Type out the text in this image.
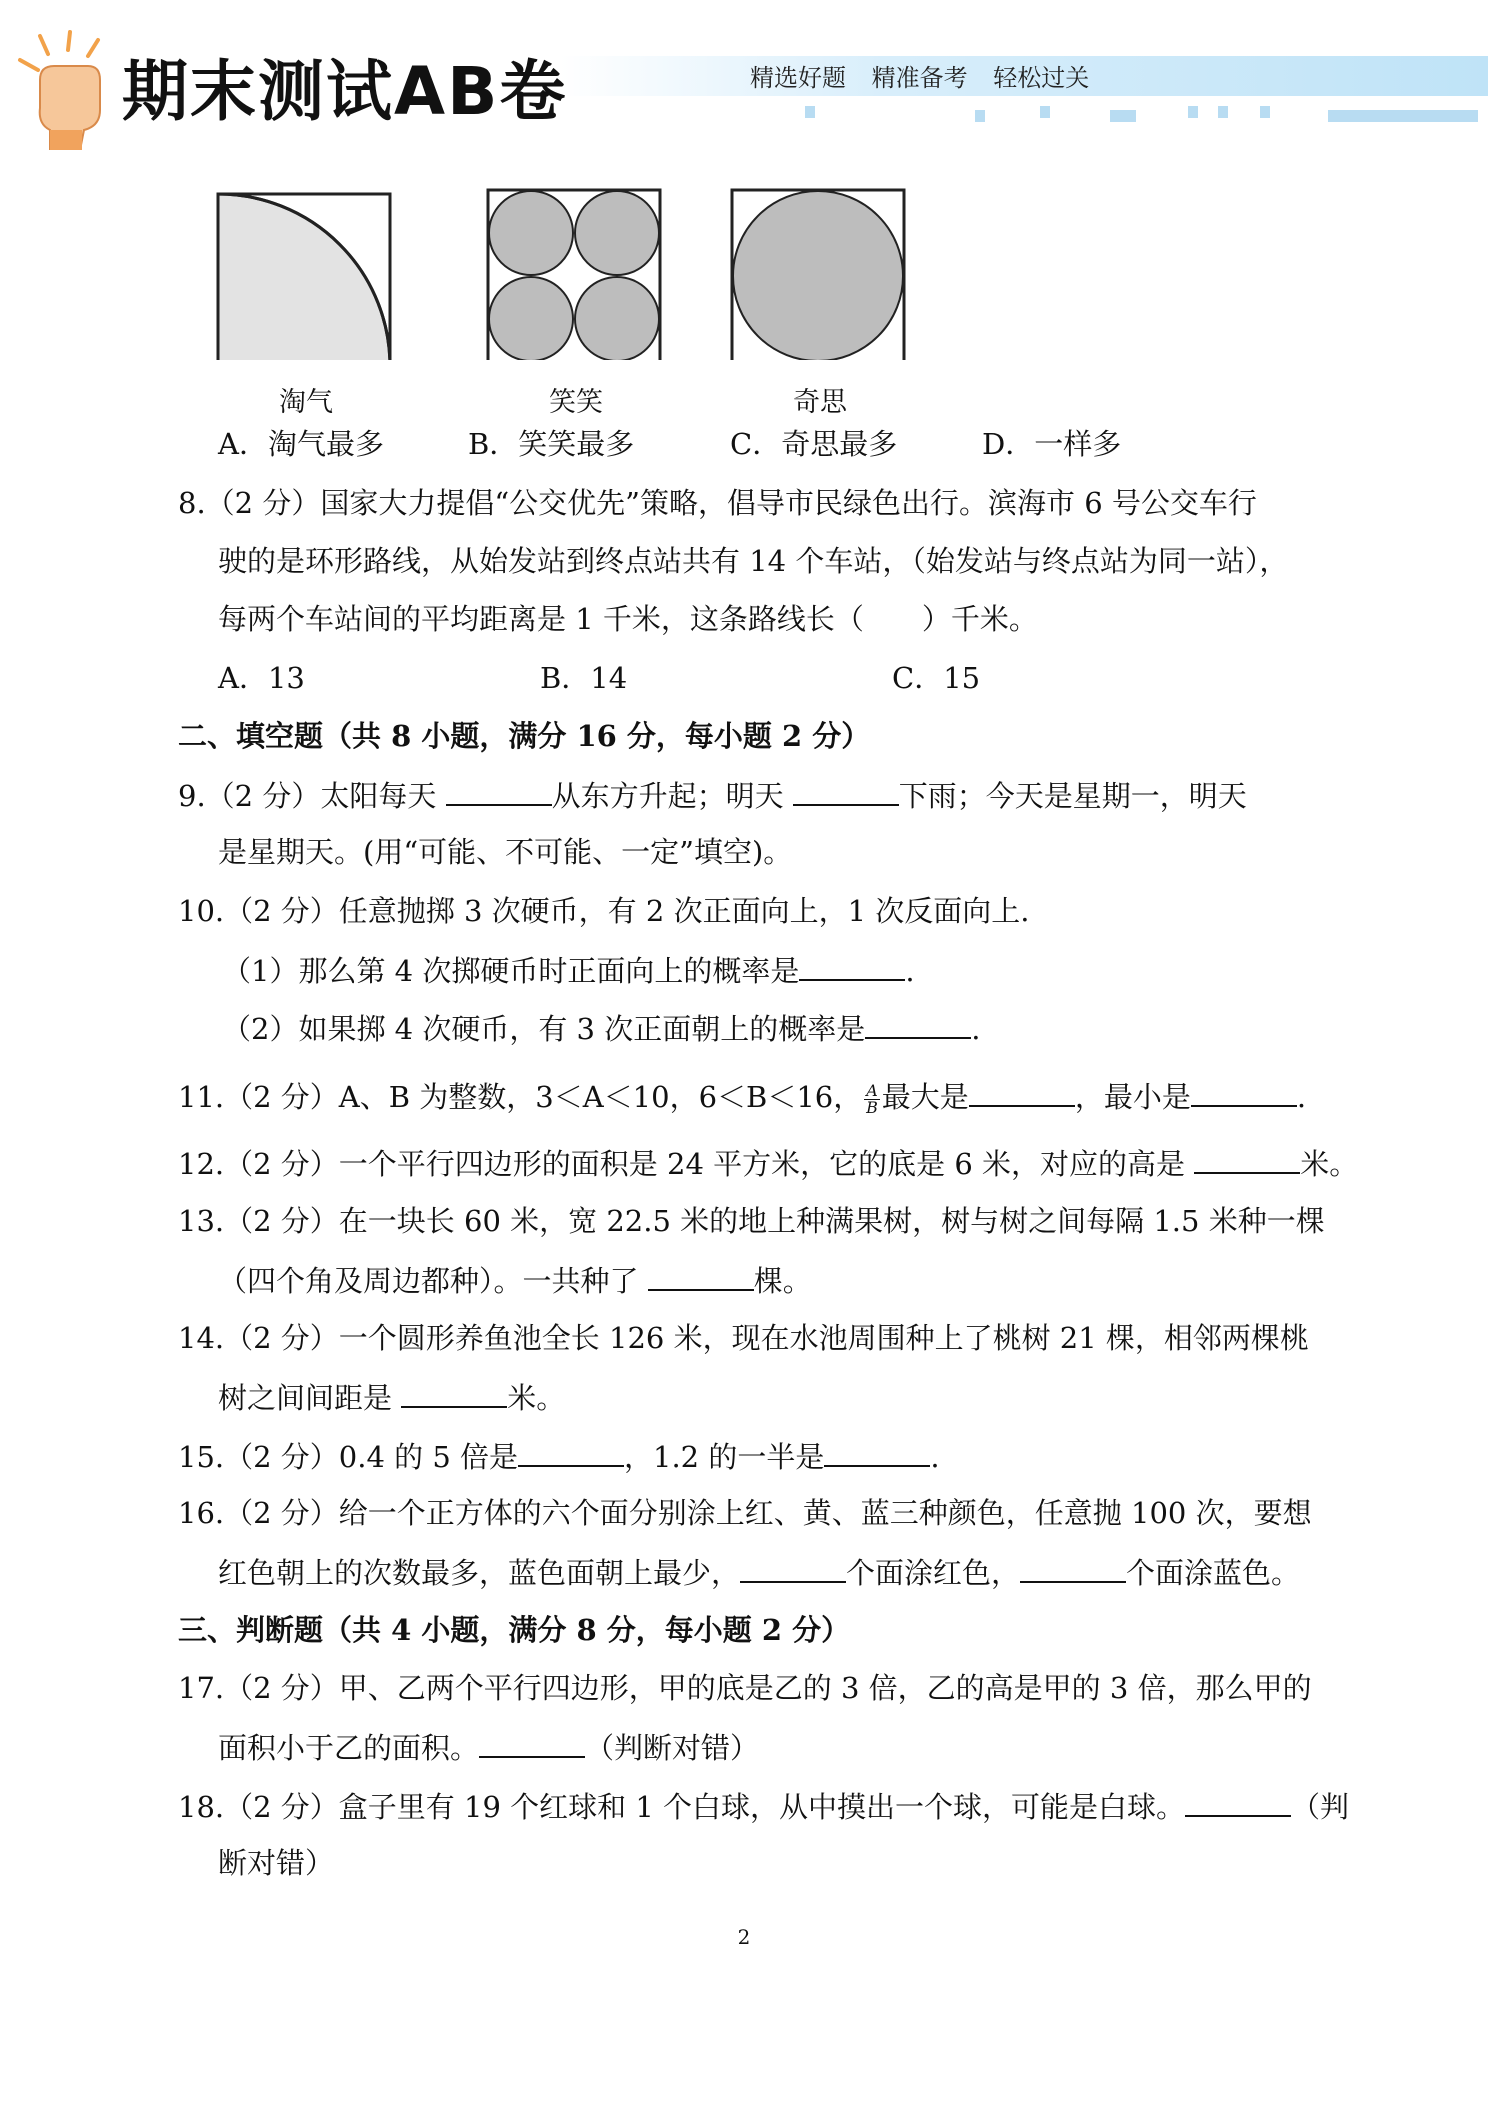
期末测试AB卷	精选好题 精准备考 轻松过关
淘气	笑笑	奇思
A．淘气最多	B．笑笑最多	C．奇思最多	D．一样多
8.（2 分）国家大力提倡“公交优先”策略，倡导市民绿色出行。滨海市 6 号公交车行
驶的是环形路线，从始发站到终点站共有 14 个车站，（始发站与终点站为同一站），
每两个车站间的平均距离是 1 千米，这条路线长（　　）千米。
A．13	B．14	C．15
二、填空题（共 8 小题，满分 16 分，每小题 2 分）
9.（2 分）太阳每天	从东方升起；明天	下雨；今天是星期一，明天
是星期天。(用“可能、不可能、一定”填空)。
10.（2 分）任意抛掷 3 次硬币，有 2 次正面向上，1 次反面向上.
（1）那么第 4 次掷硬币时正面向上的概率是	.
（2）如果掷 4 次硬币，有 3 次正面朝上的概率是	.
11.（2 分）A、B 为整数，3＜A＜10，6＜B＜16， $\frac{A}{B}$ 最大是	，最小是	.
12.（2 分）一个平行四边形的面积是 24 平方米，它的底是 6 米，对应的高是	米。
13.（2 分）在一块长 60 米，宽 22.5 米的地上种满果树，树与树之间每隔 1.5 米种一棵
（四个角及周边都种）。一共种了	棵。
14.（2 分）一个圆形养鱼池全长 126 米，现在水池周围种上了桃树 21 棵，相邻两棵桃
树之间间距是	米。
15.（2 分）0.4 的 5 倍是	，1.2 的一半是	.
16.（2 分）给一个正方体的六个面分别涂上红、黄、蓝三种颜色，任意抛 100 次，要想
红色朝上的次数最多，蓝色面朝上最少，	个面涂红色，	个面涂蓝色。
三、判断题（共 4 小题，满分 8 分，每小题 2 分）
17.（2 分）甲、乙两个平行四边形，甲的底是乙的 3 倍，乙的高是甲的 3 倍，那么甲的
面积小于乙的面积。	（判断对错）
18.（2 分）盒子里有 19 个红球和 1 个白球，从中摸出一个球，可能是白球。	（判
断对错）
2
